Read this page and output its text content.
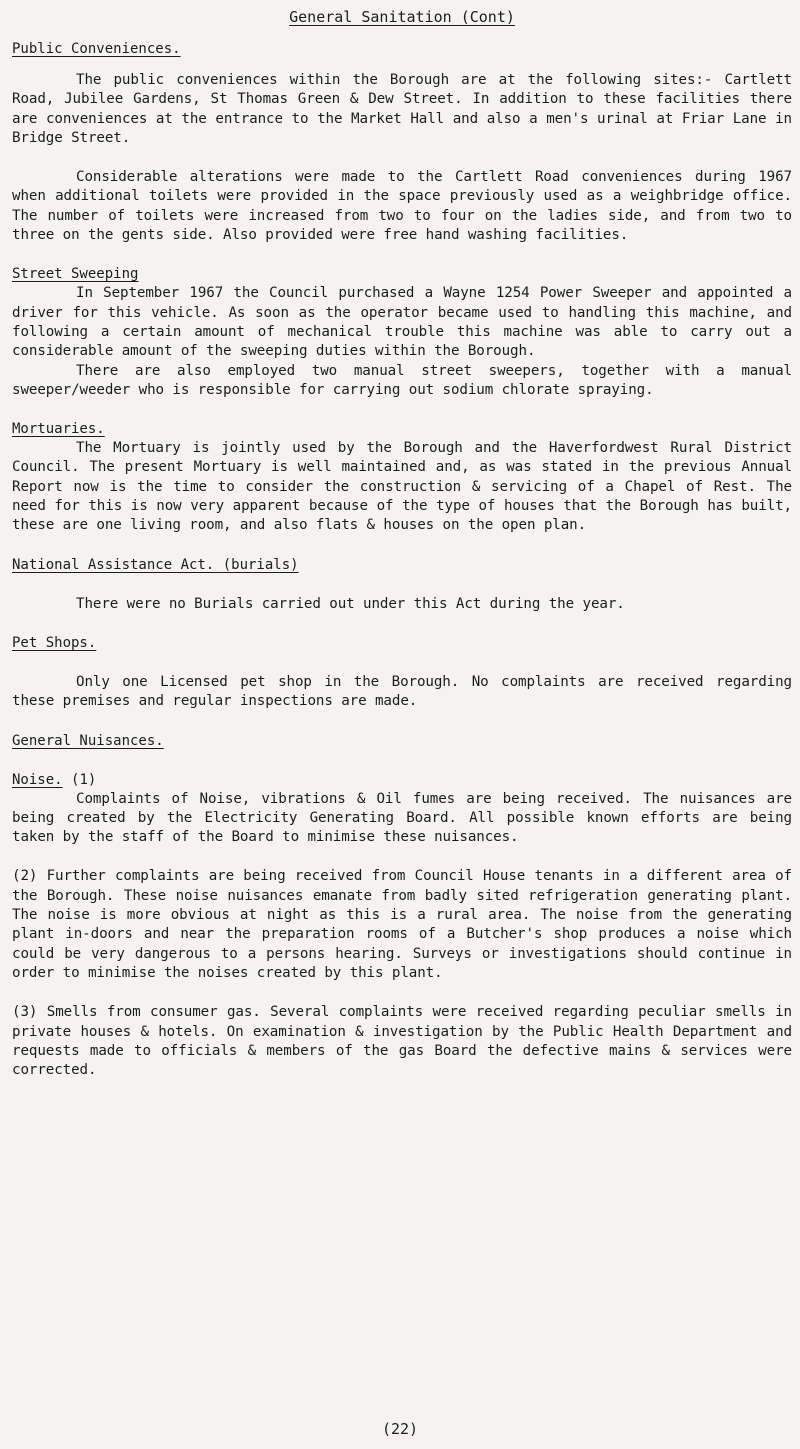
General Sanitation (Cont)
Public Conveniences.

The public conveniences within the Borough are at the following sites:- Cartlett Road, Jubilee Gardens, St Thomas Green & Dew Street. In addition to these facilities there are conveniences at the entrance to the Market Hall and also a men's urinal at Friar Lane in Bridge Street.

Considerable alterations were made to the Cartlett Road conveniences during 1967 when additional toilets were provided in the space previously used as a weighbridge office. The number of toilets were increased from two to four on the ladies side, and from two to three on the gents side. Also provided were free hand washing facilities.

Street Sweeping

In September 1967 the Council purchased a Wayne 1254 Power Sweeper and appointed a driver for this vehicle. As soon as the operator became used to handling this machine, and following a certain amount of mechanical trouble this machine was able to carry out a considerable amount of the sweeping duties within the Borough.

There are also employed two manual street sweepers, together with a manual sweeper/weeder who is responsible for carrying out sodium chlorate spraying.

Mortuaries.

The Mortuary is jointly used by the Borough and the Haverfordwest Rural District Council. The present Mortuary is well maintained and, as was stated in the previous Annual Report now is the time to consider the construction & servicing of a Chapel of Rest. The need for this is now very apparent because of the type of houses that the Borough has built, these are one living room, and also flats & houses on the open plan.

National Assistance Act. (burials)

There were no Burials carried out under this Act during the year.

Pet Shops.

Only one Licensed pet shop in the Borough. No complaints are received regarding these premises and regular inspections are made.

General Nuisances.
Noise. (1)

Complaints of Noise, vibrations & Oil fumes are being received. The nuisances are being created by the Electricity Generating Board. All possible known efforts are being taken by the staff of the Board to minimise these nuisances.

(2) Further complaints are being received from Council House tenants in a different area of the Borough. These noise nuisances emanate from badly sited refrigeration generating plant. The noise is more obvious at night as this is a rural area. The noise from the generating plant in-doors and near the preparation rooms of a Butcher's shop produces a noise which could be very dangerous to a persons hearing. Surveys or investigations should continue in order to minimise the noises created by this plant.

(3) Smells from consumer gas. Several complaints were received regarding peculiar smells in private houses & hotels. On examination & investigation by the Public Health Department and requests made to officials & members of the gas Board the defective mains & services were corrected.

(22)
